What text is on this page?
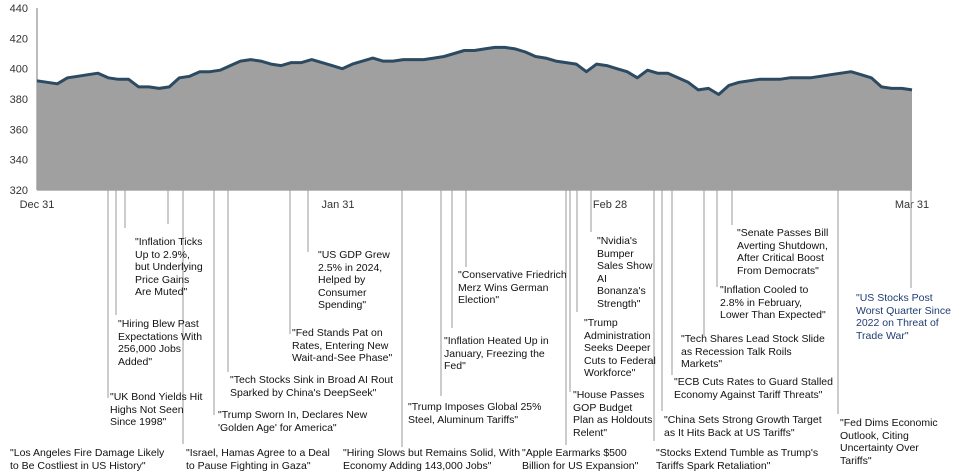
320
340
360
380
400
420
440
Dec 31	Jan 31	Feb 28	Mar 31
"Los Angeles Fire Damage Likely
to Be Costliest in US History"
"UK Bond Yields Hit
Highs Not Seen
Since 1998"
"Hiring Blew Past
Expectations With
256,000 Jobs
Added"
"Inflation Ticks
Up to 2.9%,
but Underlying
Price Gains
Are Muted"
"Israel, Hamas Agree to a Deal
to Pause Fighting in Gaza"
"Trump Sworn In, Declares New
'Golden Age' for America"
"Tech Stocks Sink in Broad AI Rout
Sparked by China's DeepSeek"
"Fed Stands Pat on
Rates, Entering New
Wait-and-See Phase"
"US GDP Grew
2.5% in 2024,
Helped by
Consumer
Spending"
"Hiring Slows but Remains Solid, With
Economy Adding 143,000 Jobs"
"Trump Imposes Global 25%
Steel, Aluminum Tariffs"
"Inflation Heated Up in
January, Freezing the
Fed"
"Conservative Friedrich
Merz Wins German
Election"
"Apple Earmarks $500
Billion for US Expansion"
"House Passes
GOP Budget
Plan as Holdouts
Relent"
"Trump
Administration
Seeks Deeper
Cuts to Federal
Workforce"
"Nvidia's
Bumper
Sales Show
AI
Bonanza's
Strength"
"Stocks Extend Tumble as Trump's
Tariffs Spark Retaliation"
"China Sets Strong Growth Target
as It Hits Back at US Tariffs"
"ECB Cuts Rates to Guard Stalled
Economy Against Tariff Threats"
"Tech Shares Lead Stock Slide
as Recession Talk Roils
Markets"
"Inflation Cooled to
2.8% in February,
Lower Than Expected"
"Senate Passes Bill
Averting Shutdown,
After Critical Boost
From Democrats"
"Fed Dims Economic
Outlook, Citing
Uncertainty Over
Tariffs"
"US Stocks Post
Worst Quarter Since
2022 on Threat of
Trade War"
